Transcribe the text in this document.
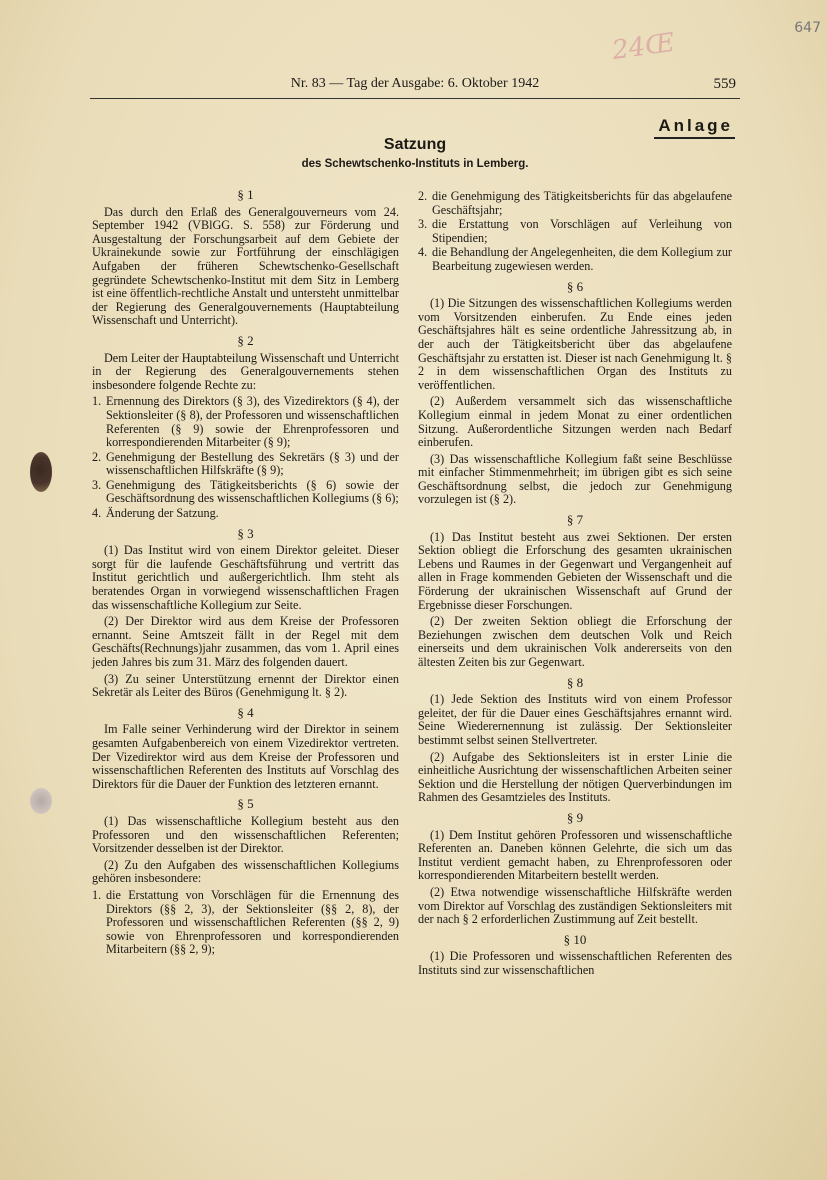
647
24Œ
Nr. 83 — Tag der Ausgabe: 6. Oktober 1942	559
Anlage
Satzung
des Schewtschenko-Instituts in Lemberg.
§ 1

Das durch den Erlaß des Generalgouverneurs vom 24. September 1942 (VBlGG. S. 558) zur Förderung und Ausgestaltung der Forschungsarbeit auf dem Gebiete der Ukrainekunde sowie zur Fortführung der einschlägigen Aufgaben der früheren Schewtschenko-Gesellschaft gegründete Schewtschenko-Institut mit dem Sitz in Lemberg ist eine öffentlich-rechtliche Anstalt und untersteht unmittelbar der Regierung des Generalgouvernements (Hauptabteilung Wissenschaft und Unterricht).

§ 2

Dem Leiter der Hauptabteilung Wissenschaft und Unterricht in der Regierung des Generalgouvernements stehen insbesondere folgende Rechte zu:

1. Ernennung des Direktors (§ 3), des Vizedirektors (§ 4), der Sektionsleiter (§ 8), der Professoren und wissenschaftlichen Referenten (§ 9) sowie der Ehrenprofessoren und korrespondierenden Mitarbeiter (§ 9);
2. Genehmigung der Bestellung des Sekretärs (§ 3) und der wissenschaftlichen Hilfskräfte (§ 9);
3. Genehmigung des Tätigkeitsberichts (§ 6) sowie der Geschäftsordnung des wissenschaftlichen Kollegiums (§ 6);
4. Änderung der Satzung.
§ 3

(1) Das Institut wird von einem Direktor geleitet. Dieser sorgt für die laufende Geschäftsführung und vertritt das Institut gerichtlich und außergerichtlich. Ihm steht als beratendes Organ in vorwiegend wissenschaftlichen Fragen das wissenschaftliche Kollegium zur Seite.

(2) Der Direktor wird aus dem Kreise der Professoren ernannt. Seine Amtszeit fällt in der Regel mit dem Geschäfts(Rechnungs)jahr zusammen, das vom 1. April eines jeden Jahres bis zum 31. März des folgenden dauert.

(3) Zu seiner Unterstützung ernennt der Direktor einen Sekretär als Leiter des Büros (Genehmigung lt. § 2).

§ 4

Im Falle seiner Verhinderung wird der Direktor in seinem gesamten Aufgabenbereich von einem Vizedirektor vertreten. Der Vizedirektor wird aus dem Kreise der Professoren und wissenschaftlichen Referenten des Instituts auf Vorschlag des Direktors für die Dauer der Funktion des letzteren ernannt.

§ 5

(1) Das wissenschaftliche Kollegium besteht aus den Professoren und den wissenschaftlichen Referenten; Vorsitzender desselben ist der Direktor.

(2) Zu den Aufgaben des wissenschaftlichen Kollegiums gehören insbesondere:

1. die Erstattung von Vorschlägen für die Ernennung des Direktors (§§ 2, 3), der Sektionsleiter (§§ 2, 8), der Professoren und wissenschaftlichen Referenten (§§ 2, 9) sowie von Ehrenprofessoren und korrespondierenden Mitarbeitern (§§ 2, 9);
2. die Genehmigung des Tätigkeitsberichts für das abgelaufene Geschäftsjahr;
3. die Erstattung von Vorschlägen auf Verleihung von Stipendien;
4. die Behandlung der Angelegenheiten, die dem Kollegium zur Bearbeitung zugewiesen werden.
§ 6

(1) Die Sitzungen des wissenschaftlichen Kollegiums werden vom Vorsitzenden einberufen. Zu Ende eines jeden Geschäftsjahres hält es seine ordentliche Jahressitzung ab, in der auch der Tätigkeitsbericht über das abgelaufene Geschäftsjahr zu erstatten ist. Dieser ist nach Genehmigung lt. § 2 in dem wissenschaftlichen Organ des Instituts zu veröffentlichen.

(2) Außerdem versammelt sich das wissenschaftliche Kollegium einmal in jedem Monat zu einer ordentlichen Sitzung. Außerordentliche Sitzungen werden nach Bedarf einberufen.

(3) Das wissenschaftliche Kollegium faßt seine Beschlüsse mit einfacher Stimmenmehrheit; im übrigen gibt es sich seine Geschäftsordnung selbst, die jedoch zur Genehmigung vorzulegen ist (§ 2).

§ 7

(1) Das Institut besteht aus zwei Sektionen. Der ersten Sektion obliegt die Erforschung des gesamten ukrainischen Lebens und Raumes in der Gegenwart und Vergangenheit auf allen in Frage kommenden Gebieten der Wissenschaft und die Förderung der ukrainischen Wissenschaft auf Grund der Ergebnisse dieser Forschungen.

(2) Der zweiten Sektion obliegt die Erforschung der Beziehungen zwischen dem deutschen Volk und Reich einerseits und dem ukrainischen Volk andererseits von den ältesten Zeiten bis zur Gegenwart.

§ 8

(1) Jede Sektion des Instituts wird von einem Professor geleitet, der für die Dauer eines Geschäftsjahres ernannt wird. Seine Wiederernennung ist zulässig. Der Sektionsleiter bestimmt selbst seinen Stellvertreter.

(2) Aufgabe des Sektionsleiters ist in erster Linie die einheitliche Ausrichtung der wissenschaftlichen Arbeiten seiner Sektion und die Herstellung der nötigen Querverbindungen im Rahmen des Gesamtzieles des Instituts.

§ 9

(1) Dem Institut gehören Professoren und wissenschaftliche Referenten an. Daneben können Gelehrte, die sich um das Institut verdient gemacht haben, zu Ehrenprofessoren oder korrespondierenden Mitarbeitern bestellt werden.

(2) Etwa notwendige wissenschaftliche Hilfskräfte werden vom Direktor auf Vorschlag des zuständigen Sektionsleiters mit der nach § 2 erforderlichen Zustimmung auf Zeit bestellt.

§ 10

(1) Die Professoren und wissenschaftlichen Referenten des Instituts sind zur wissenschaftlichen
